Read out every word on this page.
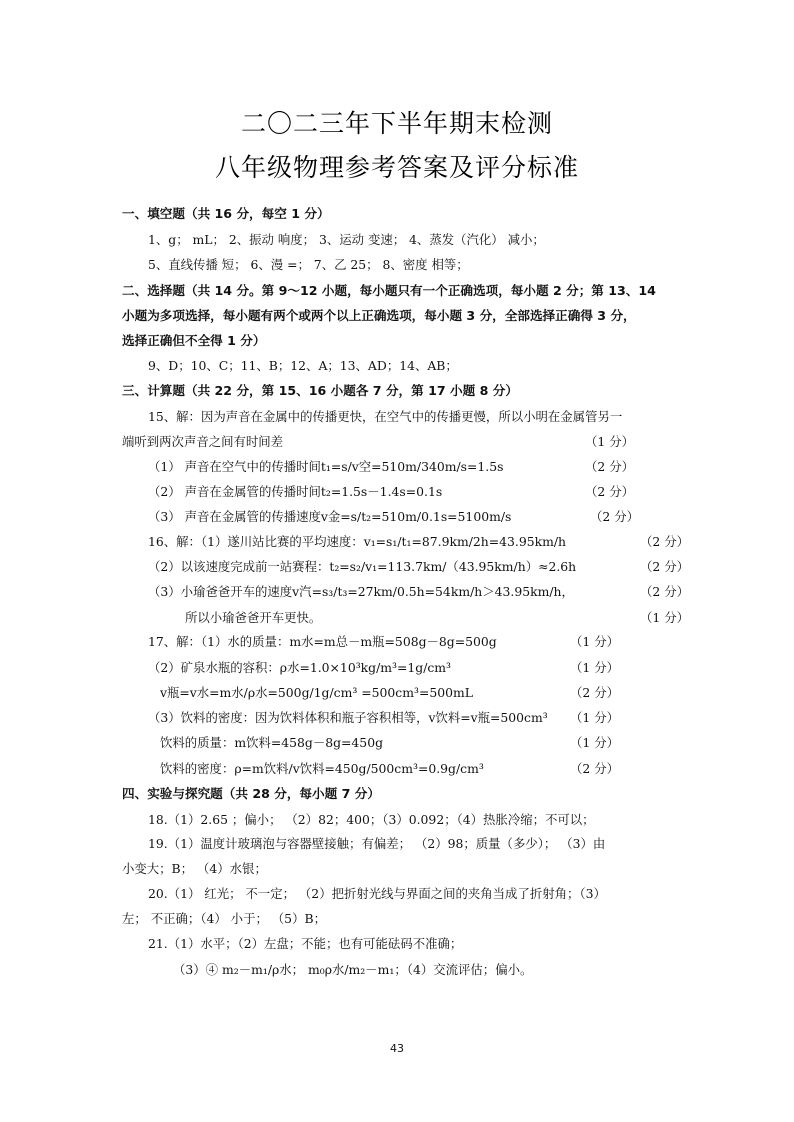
二〇二三年下半年期末检测
八年级物理参考答案及评分标准
一、填空题（共 16 分，每空 1 分）
1、g； mL； 2、振动 响度； 3、运动 变速； 4、蒸发（汽化） 减小；
5、直线传播 短； 6、漫 =； 7、乙 25； 8、密度 相等；
二、选择题（共 14 分。第 9～12 小题，每小题只有一个正确选项，每小题 2 分；第 13、14
小题为多项选择，每小题有两个或两个以上正确选项，每小题 3 分，全部选择正确得 3 分，
选择正确但不全得 1 分）
9、D；10、C；11、B；12、A；13、AD；14、AB；
三、计算题（共 22 分，第 15、16 小题各 7 分，第 17 小题 8 分）
15、解：因为声音在金属中的传播更快，在空气中的传播更慢，所以小明在金属管另一
端听到两次声音之间有时间差	（1 分）
（1） 声音在空气中的传播时间t₁=s/v空=510m/340m/s=1.5s	（2 分）
（2） 声音在金属管的传播时间t₂=1.5s－1.4s=0.1s	（2 分）
（3） 声音在金属管的传播速度v金=s/t₂=510m/0.1s=5100m/s	（2 分）
16、解：（1）遂川站比赛的平均速度：v₁=s₁/t₁=87.9km/2h=43.95km/h	（2 分）
（2）以该速度完成前一站赛程：t₂=s₂/v₁=113.7km/（43.95km/h）≈2.6h	（2 分）
（3）小瑜爸爸开车的速度v汽=s₃/t₃=27km/0.5h=54km/h＞43.95km/h，	（2 分）
所以小瑜爸爸开车更快。	（1 分）
17、解：（1）水的质量：m水=m总－m瓶=508g－8g=500g	（1 分）
（2）矿泉水瓶的容积：ρ水=1.0×10³kg/m³=1g/cm³	（1 分）
v瓶=v水=m水/ρ水=500g/1g/cm³ =500cm³=500mL	（2 分）
（3）饮料的密度：因为饮料体积和瓶子容积相等，v饮料=v瓶=500cm³ （1 分）
饮料的质量：m饮料=458g－8g=450g	（1 分）
饮料的密度：ρ=m饮料/v饮料=450g/500cm³=0.9g/cm³	（2 分）
四、实验与探究题（共 28 分，每小题 7 分）
18.（1）2.65 ；偏小； （2）82；400；（3）0.092；（4）热胀冷缩；不可以；
19.（1）温度计玻璃泡与容器壁接触；有偏差； （2）98；质量（多少）； （3）由
小变大；B； （4）水银；
20.（1） 红光； 不一定； （2）把折射光线与界面之间的夹角当成了折射角；（3）
左； 不正确；（4） 小于； （5）B；
21.（1）水平；（2）左盘；不能；也有可能砝码不准确；
（3）④ m₂－m₁/ρ水； m₀ρ水/m₂－m₁；（4）交流评估；偏小。
43
